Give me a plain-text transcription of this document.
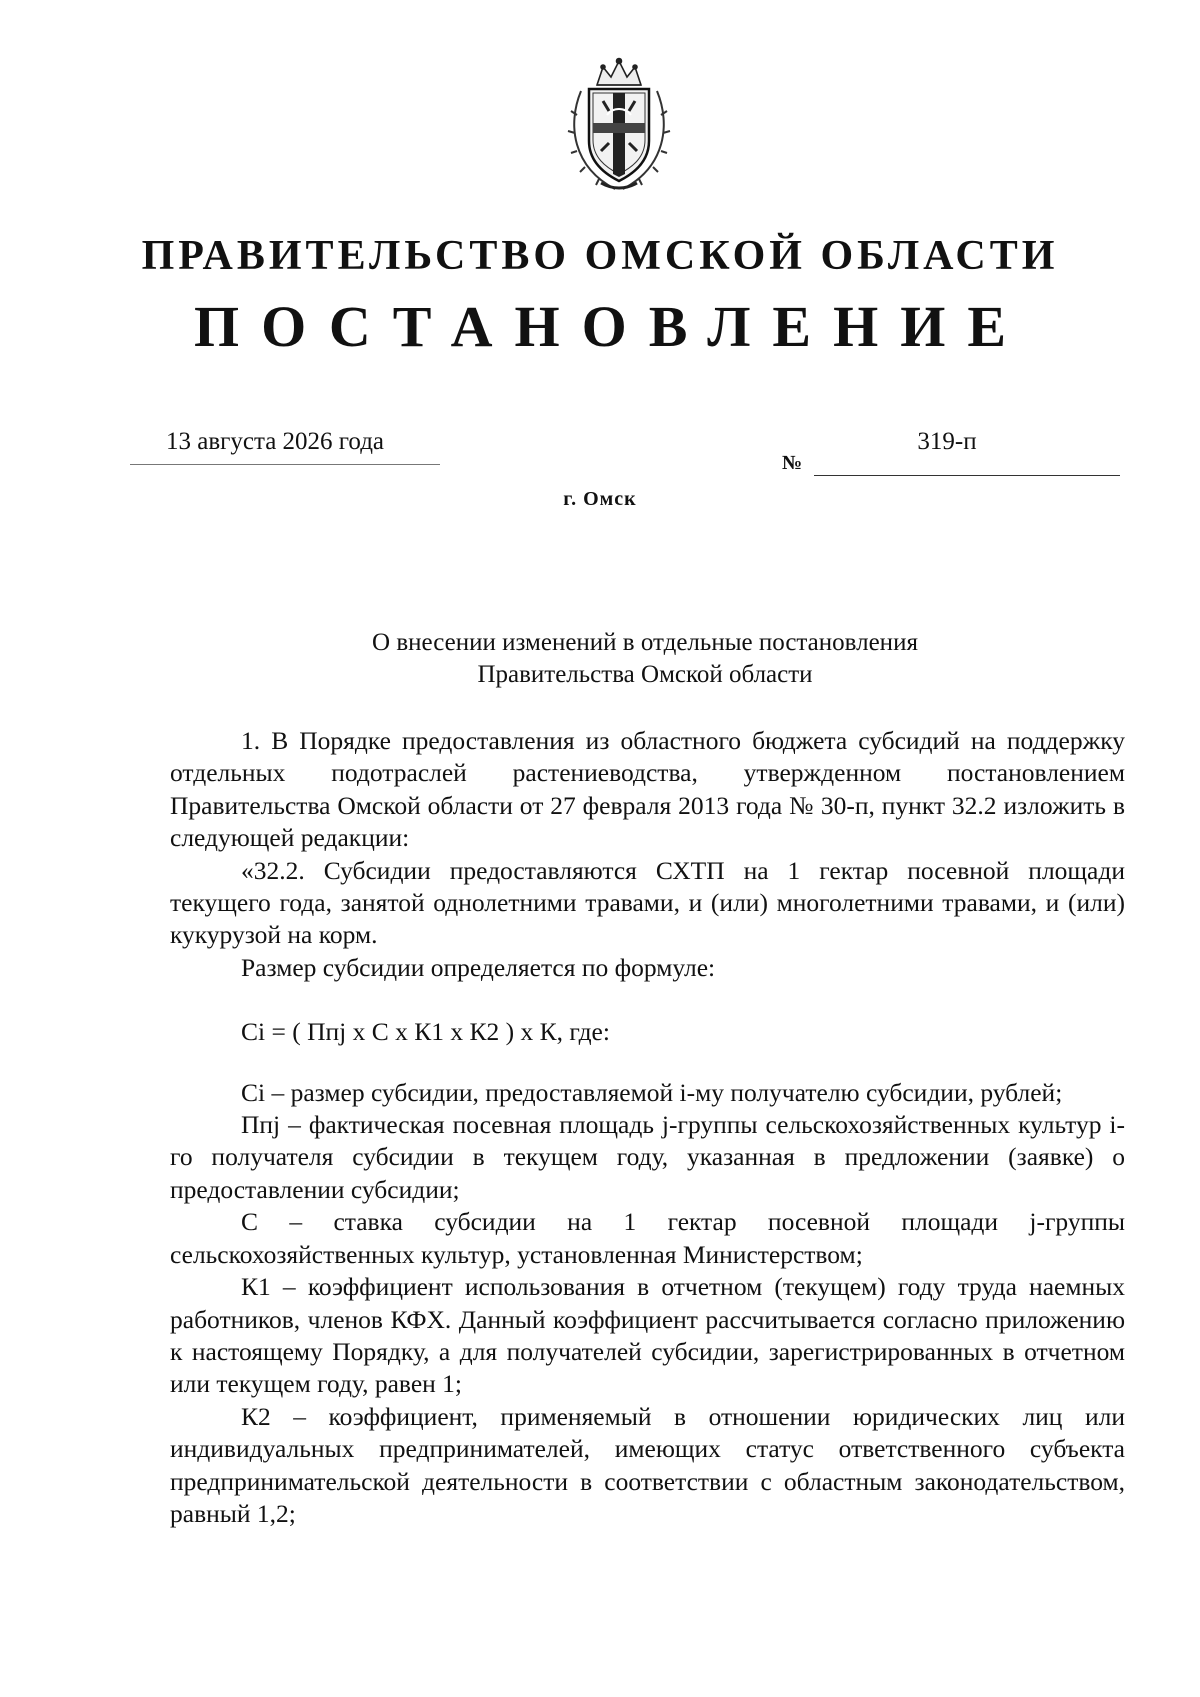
ПРАВИТЕЛЬСТВО ОМСКОЙ ОБЛАСТИ
ПОСТАНОВЛЕНИЕ
13 августа 2026 года
№
319-п
г. Омск
О внесении изменений в отдельные постановления
Правительства Омской области

1. В Порядке предоставления из областного бюджета субсидий на поддержку отдельных подотраслей растениеводства, утвержденном постановлением Правительства Омской области от 27 февраля 2013 года № 30-п, пункт 32.2 изложить в следующей редакции:

«32.2. Субсидии предоставляются СХТП на 1 гектар посевной площади текущего года, занятой однолетними травами, и (или) многолетними травами, и (или) кукурузой на корм.

Размер субсидии определяется по формуле:

Сi = ( Ппj х С х К1 х К2 ) х К, где:

Сi – размер субсидии, предоставляемой i-му получателю субсидии, рублей;

Ппj – фактическая посевная площадь j-группы сельскохозяйственных культур i-го получателя субсидии в текущем году, указанная в предложении (заявке) о предоставлении субсидии;

С – ставка субсидии на 1 гектар посевной площади j-группы сельскохозяйственных культур, установленная Министерством;

К1 – коэффициент использования в отчетном (текущем) году труда наемных работников, членов КФХ. Данный коэффициент рассчитывается согласно приложению к настоящему Порядку, а для получателей субсидии, зарегистрированных в отчетном или текущем году, равен 1;

К2 – коэффициент, применяемый в отношении юридических лиц или индивидуальных предпринимателей, имеющих статус ответственного субъекта предпринимательской деятельности в соответствии с областным законодательством, равный 1,2;
